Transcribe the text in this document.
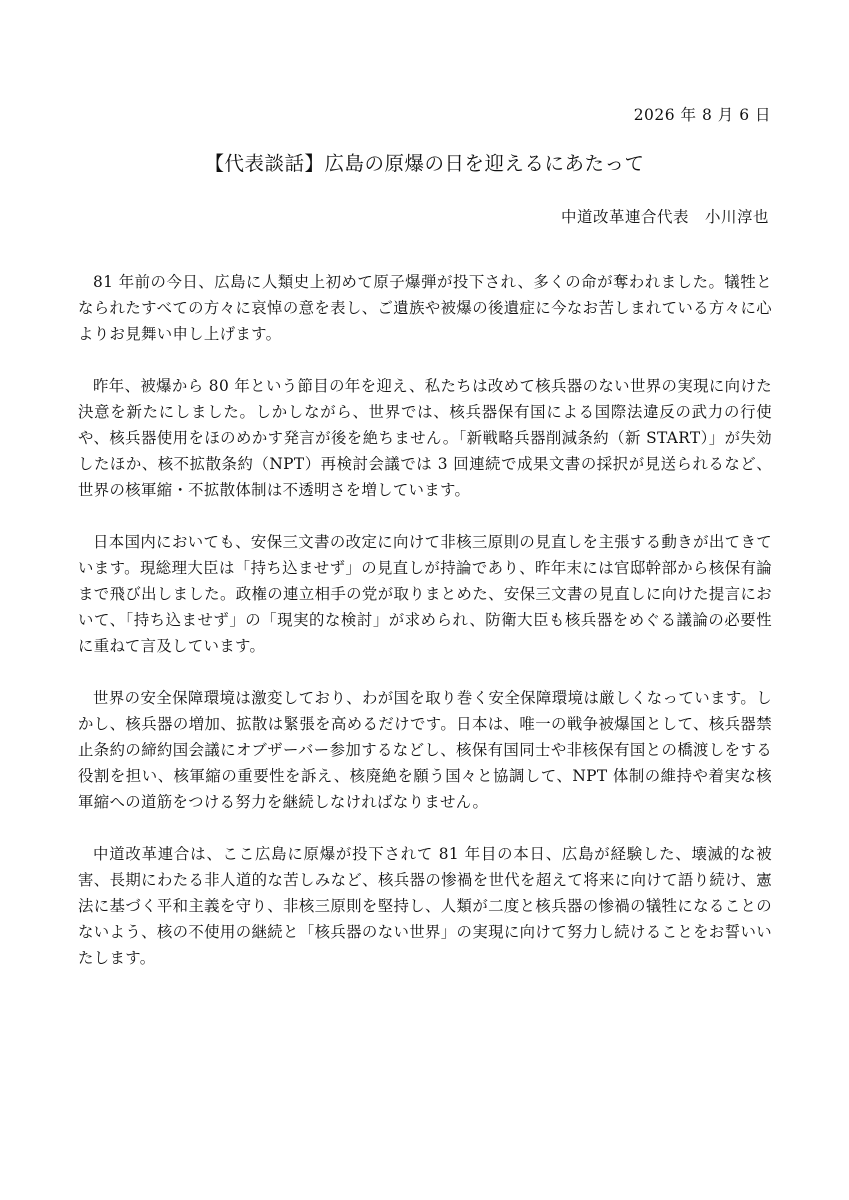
2026 年 8 月 6 日
【代表談話】広島の原爆の日を迎えるにあたって
中道改革連合代表　小川淳也

81 年前の今日、広島に人類史上初めて原子爆弾が投下され、多くの命が奪われました。犠牲となられたすべての方々に哀悼の意を表し、ご遺族や被爆の後遺症に今なお苦しまれている方々に心よりお見舞い申し上げます。

昨年、被爆から 80 年という節目の年を迎え、私たちは改めて核兵器のない世界の実現に向けた決意を新たにしました。しかしながら、世界では、核兵器保有国による国際法違反の武力の行使や、核兵器使用をほのめかす発言が後を絶ちません。「新戦略兵器削減条約（新 START）」が失効したほか、核不拡散条約（NPT）再検討会議では 3 回連続で成果文書の採択が見送られるなど、世界の核軍縮・不拡散体制は不透明さを増しています。

日本国内においても、安保三文書の改定に向けて非核三原則の見直しを主張する動きが出てきています。現総理大臣は「持ち込ませず」の見直しが持論であり、昨年末には官邸幹部から核保有論まで飛び出しました。政権の連立相手の党が取りまとめた、安保三文書の見直しに向けた提言において、「持ち込ませず」の「現実的な検討」が求められ、防衛大臣も核兵器をめぐる議論の必要性に重ねて言及しています。

世界の安全保障環境は激変しており、わが国を取り巻く安全保障環境は厳しくなっています。しかし、核兵器の増加、拡散は緊張を高めるだけです。日本は、唯一の戦争被爆国として、核兵器禁止条約の締約国会議にオブザーバー参加するなどし、核保有国同士や非核保有国との橋渡しをする役割を担い、核軍縮の重要性を訴え、核廃絶を願う国々と協調して、NPT 体制の維持や着実な核軍縮への道筋をつける努力を継続しなければなりません。

中道改革連合は、ここ広島に原爆が投下されて 81 年目の本日、広島が経験した、壊滅的な被害、長期にわたる非人道的な苦しみなど、核兵器の惨禍を世代を超えて将来に向けて語り続け、憲法に基づく平和主義を守り、非核三原則を堅持し、人類が二度と核兵器の惨禍の犠牲になることのないよう、核の不使用の継続と「核兵器のない世界」の実現に向けて努力し続けることをお誓いいたします。
